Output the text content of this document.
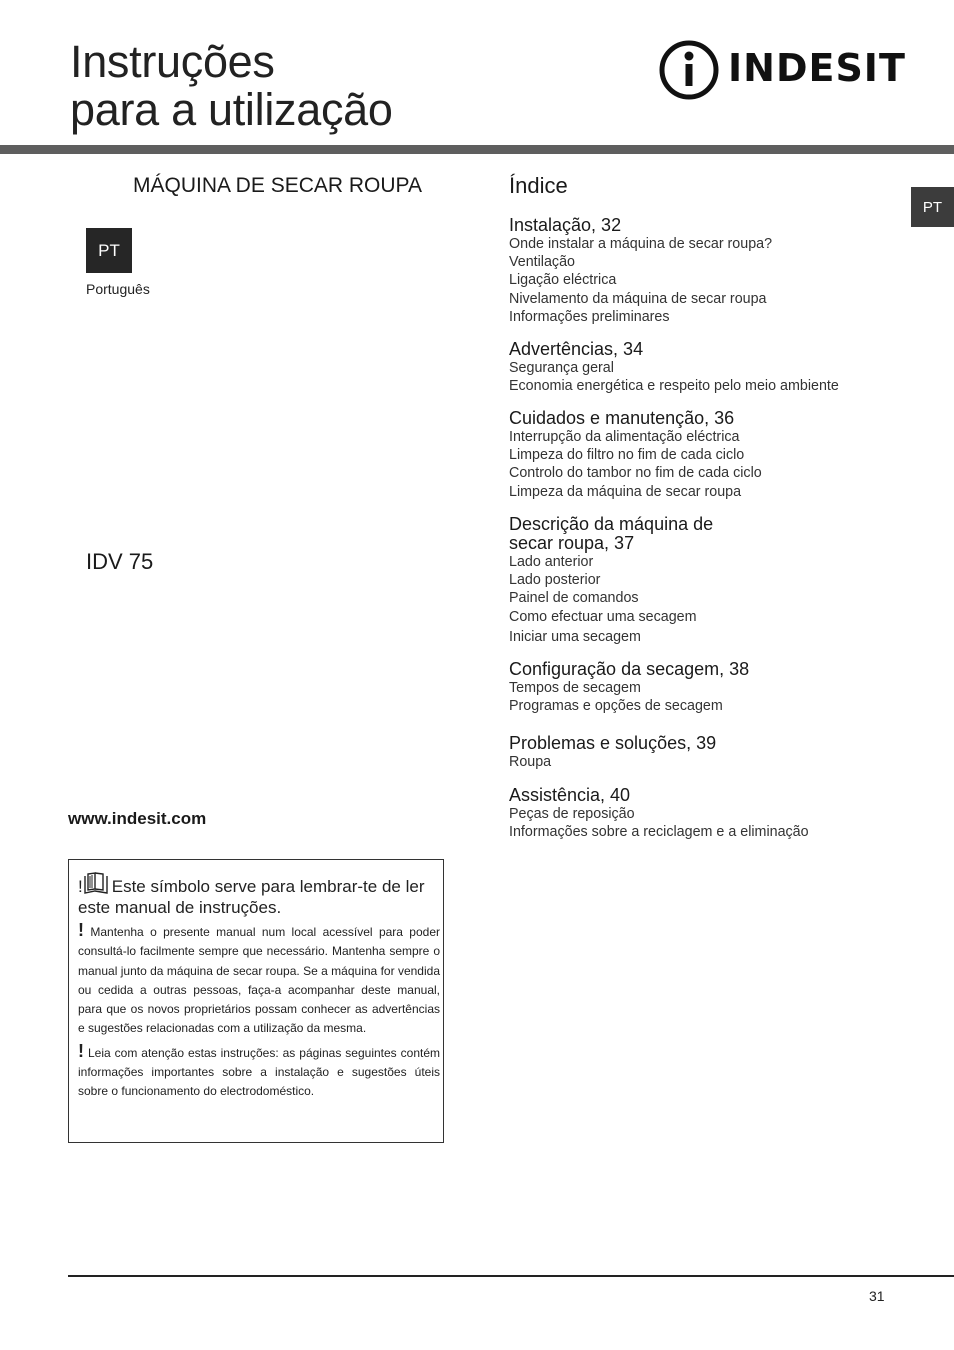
Instruções
para a utilização
INDESIT
MÁQUINA DE SECAR ROUPA
PT
Português
IDV 75
www.indesit.com
! Este símbolo serve para lembrar-te de ler este manual de instruções.
! Mantenha o presente manual num local acessível para poder consultá-lo facilmente sempre que necessário. Mantenha sempre o manual junto da máquina de secar roupa. Se a máquina for vendida ou cedida a outras pessoas, faça-a acompanhar deste manual, para que os novos proprietários possam conhecer as advertências e sugestões relacionadas com a utilização da mesma.
! Leia com atenção estas instruções: as páginas seguintes contém informações importantes sobre a instalação e sugestões úteis sobre o funcionamento do electrodoméstico.
Índice
Instalação, 32
Onde instalar a máquina de secar roupa?
Ventilação
Ligação eléctrica
Nivelamento da máquina de secar roupa
Informações preliminares
Advertências, 34
Segurança geral
Economia energética e respeito pelo meio ambiente
Cuidados e manutenção, 36
Interrupção da alimentação eléctrica
Limpeza do filtro no fim de cada ciclo
Controlo do tambor no fim de cada ciclo
Limpeza da máquina de secar roupa
Descrição da máquina de secar roupa, 37
Lado anterior
Lado posterior
Painel de comandos
Como efectuar uma secagem
Iniciar uma secagem
Configuração da secagem, 38
Tempos de secagem
Programas e opções de secagem
Problemas e soluções, 39
Roupa
Assistência, 40
Peças de reposição
Informações sobre a reciclagem e a eliminação
PT
31
